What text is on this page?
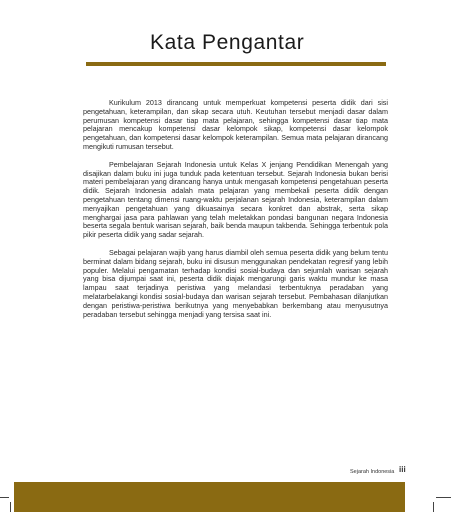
Kata Pengantar

Kurikulum 2013 dirancang untuk memperkuat kompetensi peserta didik dari sisi pengetahuan, keterampilan, dan sikap secara utuh. Keutuhan tersebut menjadi dasar dalam perumusan kompetensi dasar tiap mata pelajaran, sehingga kompetensi dasar tiap mata pelajaran mencakup kompetensi dasar kelompok sikap, kompetensi dasar kelompok pengetahuan, dan kompetensi dasar kelompok keterampilan. Semua mata pelajaran dirancang mengikuti rumusan tersebut.

Pembelajaran Sejarah Indonesia untuk Kelas X jenjang Pendidikan Menengah yang disajikan dalam buku ini juga tunduk pada ketentuan tersebut. Sejarah Indonesia bukan berisi materi pembelajaran yang dirancang hanya untuk mengasah kompetensi pengetahuan peserta didik. Sejarah Indonesia adalah mata pelajaran yang membekali peserta didik dengan pengetahuan tentang dimensi ruang-waktu perjalanan sejarah Indonesia, keterampilan dalam menyajikan pengetahuan yang dikuasainya secara konkret dan abstrak, serta sikap menghargai jasa para pahlawan yang telah meletakkan pondasi bangunan negara Indonesia beserta segala bentuk warisan sejarah, baik benda maupun takbenda. Sehingga terbentuk pola pikir peserta didik yang sadar sejarah.

Sebagai pelajaran wajib yang harus diambil oleh semua peserta didik yang belum tentu berminat dalam bidang sejarah, buku ini disusun menggunakan pendekatan regresif yang lebih populer. Melalui pengamatan terhadap kondisi sosial-budaya dan sejumlah warisan sejarah yang bisa dijumpai saat ini, peserta didik diajak mengarungi garis waktu mundur ke masa lampau saat terjadinya peristiwa yang melandasi terbentuknya peradaban yang melatarbelakangi kondisi sosial-budaya dan warisan sejarah tersebut. Pembahasan dilanjutkan dengan peristiwa-peristiwa berikutnya yang menyebabkan berkembang atau menyusutnya peradaban tersebut sehingga menjadi yang tersisa saat ini.

Sejarah Indonesia iii
